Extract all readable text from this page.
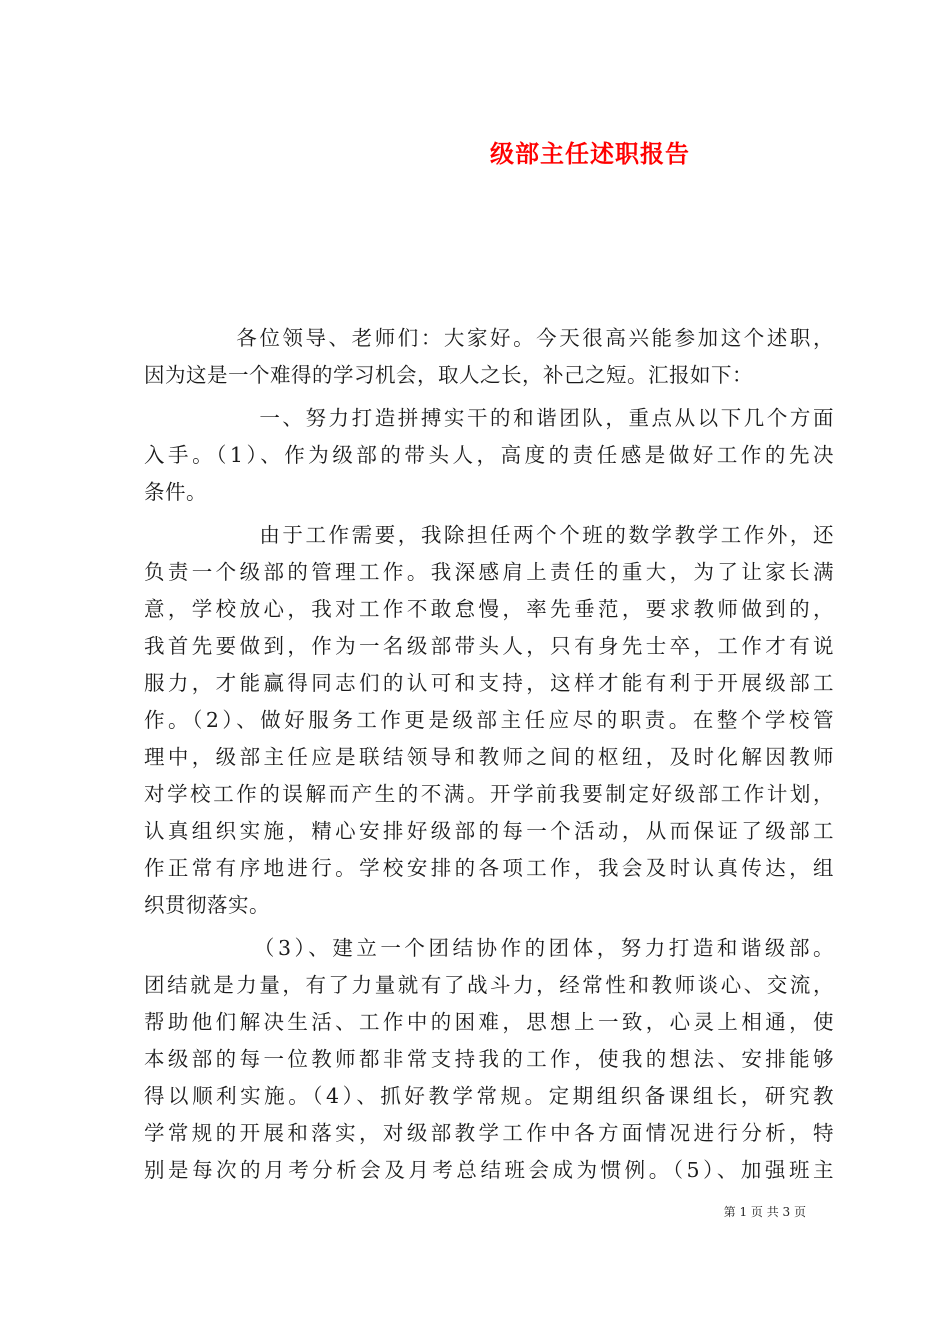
级部主任述职报告
　　　　各位领导、老师们：大家好。今天很高兴能参加这个述职，
因为这是一个难得的学习机会，取人之长，补己之短。汇报如下：
　　　　　一、努力打造拼搏实干的和谐团队，重点从以下几个方面
入手。（1）、作为级部的带头人，高度的责任感是做好工作的先决
条件。
　　　　　由于工作需要，我除担任两个个班的数学教学工作外，还
负责一个级部的管理工作。我深感肩上责任的重大，为了让家长满
意，学校放心，我对工作不敢怠慢，率先垂范，要求教师做到的，
我首先要做到，作为一名级部带头人，只有身先士卒，工作才有说
服力，才能赢得同志们的认可和支持，这样才能有利于开展级部工
作。（2）、做好服务工作更是级部主任应尽的职责。在整个学校管
理中，级部主任应是联结领导和教师之间的枢纽，及时化解因教师
对学校工作的误解而产生的不满。开学前我要制定好级部工作计划，
认真组织实施，精心安排好级部的每一个活动，从而保证了级部工
作正常有序地进行。学校安排的各项工作，我会及时认真传达，组
织贯彻落实。
　　　　　（3）、建立一个团结协作的团体，努力打造和谐级部。
团结就是力量，有了力量就有了战斗力，经常性和教师谈心、交流，
帮助他们解决生活、工作中的困难，思想上一致，心灵上相通，使
本级部的每一位教师都非常支持我的工作，使我的想法、安排能够
得以顺利实施。（4）、抓好教学常规。定期组织备课组长，研究教
学常规的开展和落实，对级部教学工作中各方面情况进行分析，特
别是每次的月考分析会及月考总结班会成为惯例。（5）、加强班主
第 1 页 共 3 页
